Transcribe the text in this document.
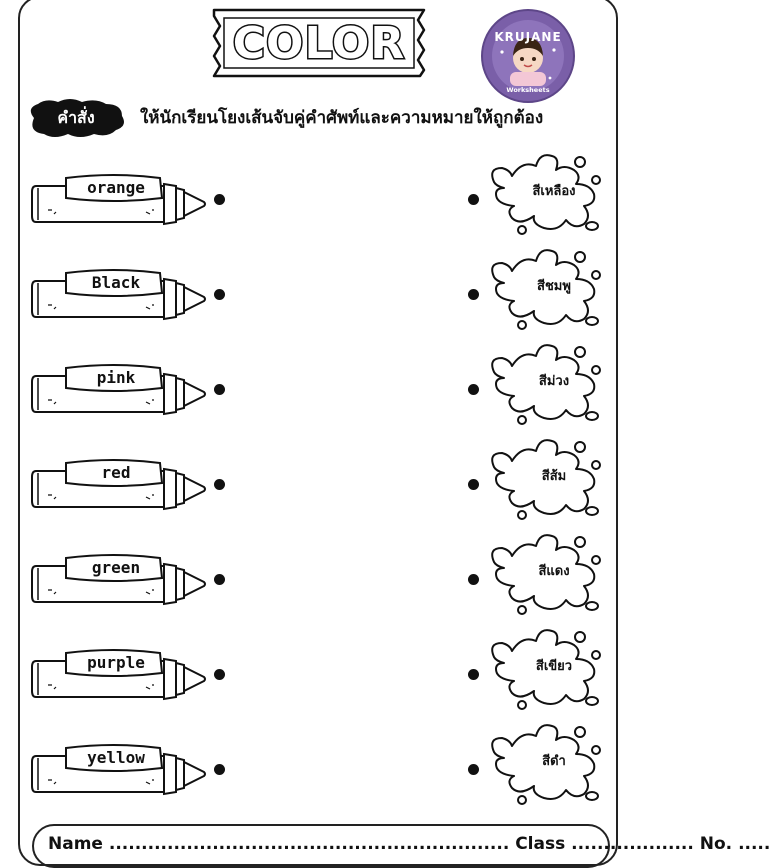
COLOR	KRUJANE
Worksheets
คำสั่ง	ให้นักเรียนโยงเส้นจับคู่คำศัพท์และความหมายให้ถูกต้อง
orange	สีเหลือง
Black	สีชมพู
pink	สีม่วง
red	สีส้ม
green	สีแดง
purple	สีเขียว
yellow	สีดำ
Name .............................................................. Class ................... No. .....
